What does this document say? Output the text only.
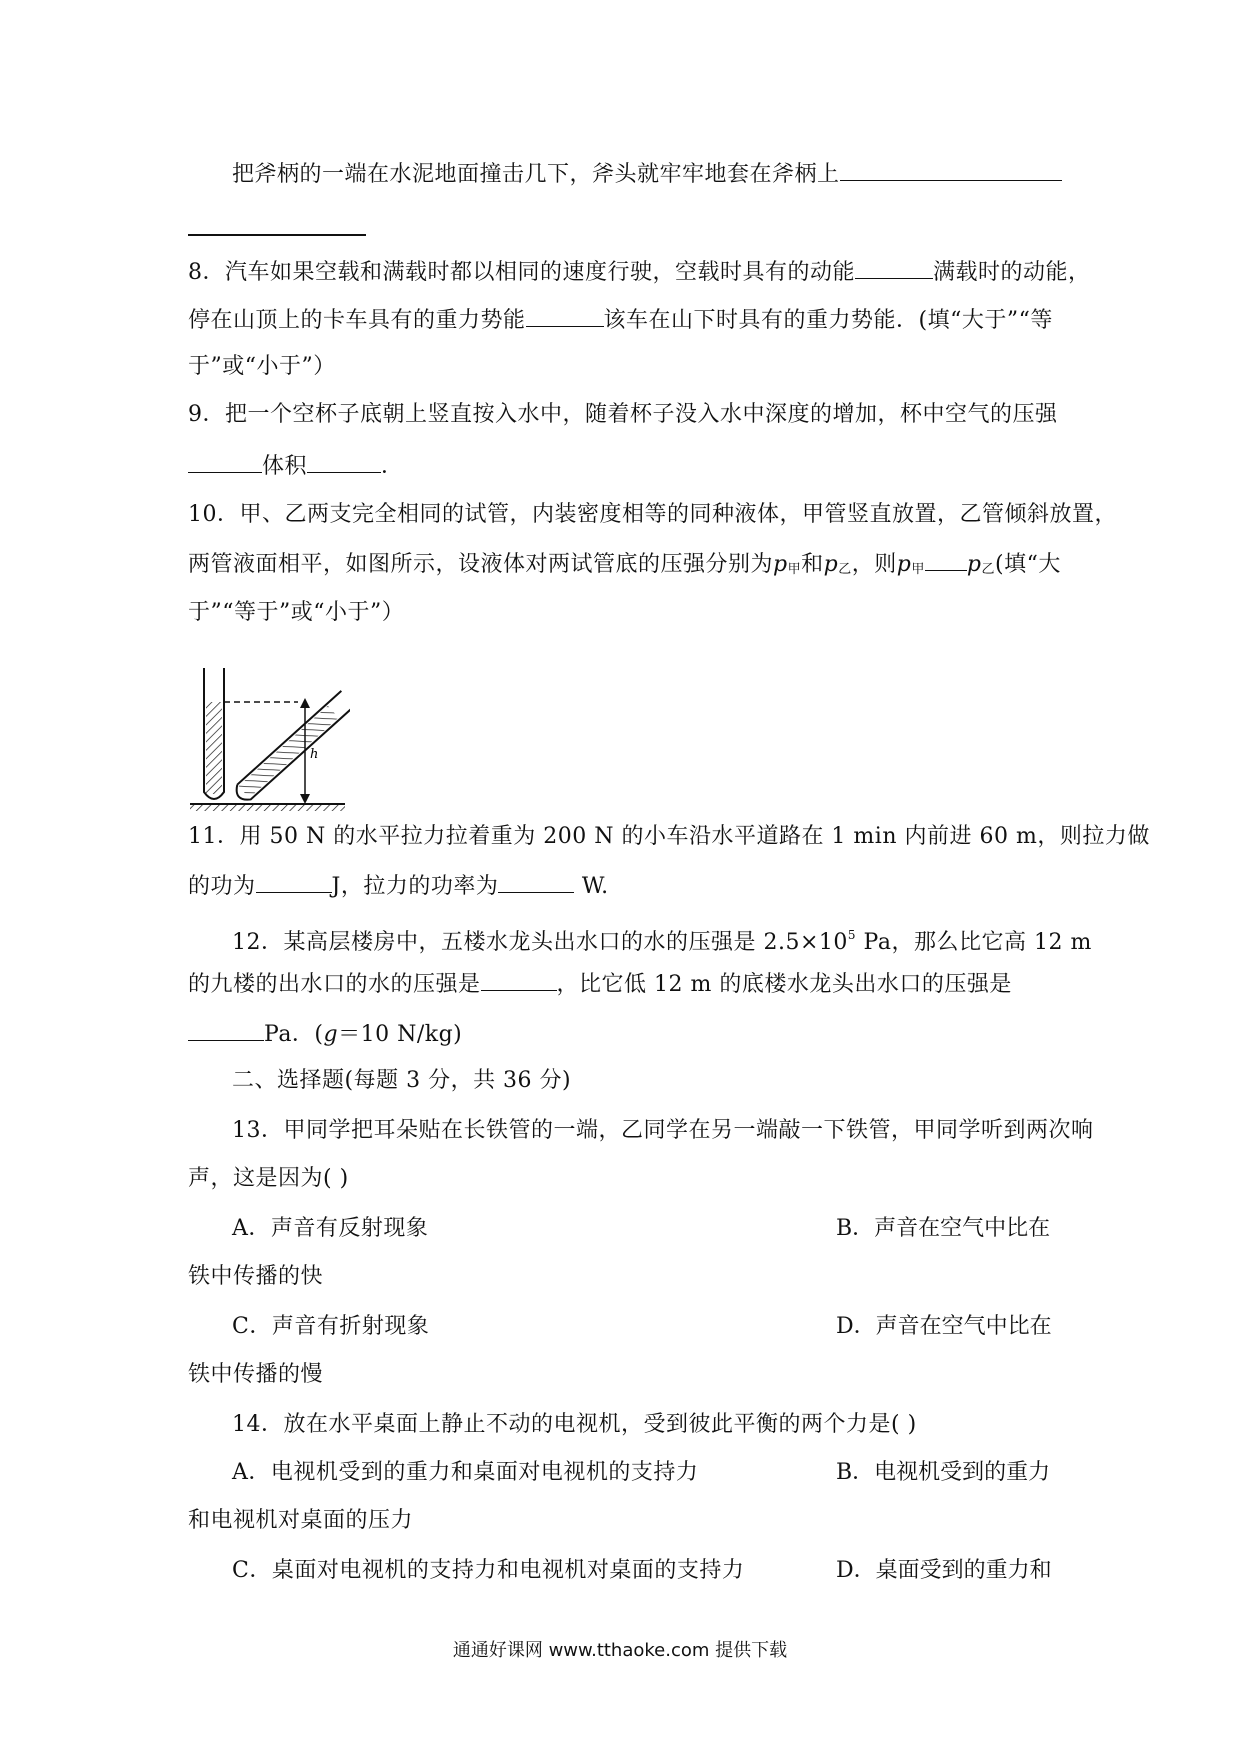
把斧柄的一端在水泥地面撞击几下，斧头就牢牢地套在斧柄上
8．汽车如果空载和满载时都以相同的速度行驶，空载时具有的动能	满载时的动能，
停在山顶上的卡车具有的重力势能	该车在山下时具有的重力势能．(填“大于”“等
于”或“小于”）
9．把一个空杯子底朝上竖直按入水中，随着杯子没入水中深度的增加，杯中空气的压强
体积	．
10．甲、乙两支完全相同的试管，内装密度相等的同种液体，甲管竖直放置，乙管倾斜放置，
两管液面相平，如图所示，设液体对两试管底的压强分别为p甲和p乙，则p甲 p乙(填“大
于”“等于”或“小于”）
h
11．用 50 N 的水平拉力拉着重为 200 N 的小车沿水平道路在 1 min 内前进 60 m，则拉力做
的功为	J，拉力的功率为	W.
12．某高层楼房中，五楼水龙头出水口的水的压强是 $2.5\times 10^5$ Pa，那么比它高 12 m
的九楼的出水口的水的压强是	，比它低 12 m 的底楼水龙头出水口的压强是
Pa．(g＝10 N/kg)
二、选择题(每题 3 分，共 36 分)
13．甲同学把耳朵贴在长铁管的一端，乙同学在另一端敲一下铁管，甲同学听到两次响
声，这是因为( )
A．声音有反射现象	B．声音在空气中比在
铁中传播的快
C．声音有折射现象	D．声音在空气中比在
铁中传播的慢
14．放在水平桌面上静止不动的电视机，受到彼此平衡的两个力是( )
A．电视机受到的重力和桌面对电视机的支持力	B．电视机受到的重力
和电视机对桌面的压力
C．桌面对电视机的支持力和电视机对桌面的支持力	D．桌面受到的重力和
通通好课网 www.tthaoke.com 提供下载
